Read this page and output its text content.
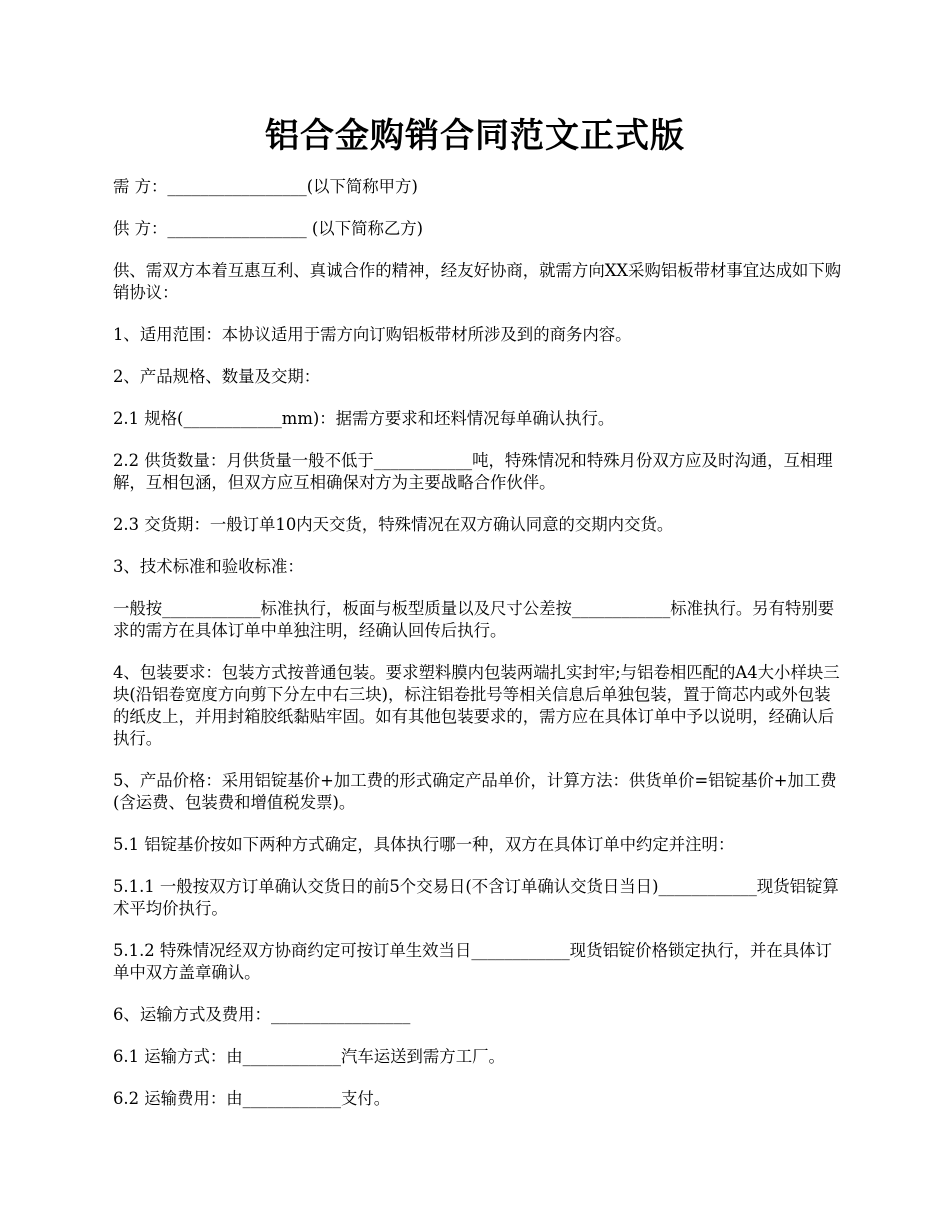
铝合金购销合同范文正式版

需 方：_________________(以下简称甲方)

供 方：_________________ (以下简称乙方)

供、需双方本着互惠互利、真诚合作的精神，经友好协商，就需方向XX采购铝板带材事宜达成如下购销协议：

1、适用范围：本协议适用于需方向订购铝板带材所涉及到的商务内容。

2、产品规格、数量及交期：

2.1 规格(____________mm)：据需方要求和坯料情况每单确认执行。

2.2 供货数量：月供货量一般不低于____________吨，特殊情况和特殊月份双方应及时沟通，互相理解，互相包涵，但双方应互相确保对方为主要战略合作伙伴。

2.3 交货期：一般订单10内天交货，特殊情况在双方确认同意的交期内交货。

3、技术标准和验收标准：

一般按____________标准执行，板面与板型质量以及尺寸公差按____________标准执行。另有特别要求的需方在具体订单中单独注明，经确认回传后执行。

4、包装要求：包装方式按普通包装。要求塑料膜内包装两端扎实封牢;与铝卷相匹配的A4大小样块三块(沿铝卷宽度方向剪下分左中右三块)，标注铝卷批号等相关信息后单独包装，置于筒芯内或外包装的纸皮上，并用封箱胶纸黏贴牢固。如有其他包装要求的，需方应在具体订单中予以说明，经确认后执行。

5、产品价格：采用铝锭基价+加工费的形式确定产品单价，计算方法：供货单价=铝锭基价+加工费(含运费、包装费和增值税发票)。

5.1 铝锭基价按如下两种方式确定，具体执行哪一种，双方在具体订单中约定并注明：

5.1.1 一般按双方订单确认交货日的前5个交易日(不含订单确认交货日当日)____________现货铝锭算术平均价执行。

5.1.2 特殊情况经双方协商约定可按订单生效当日____________现货铝锭价格锁定执行，并在具体订单中双方盖章确认。

6、运输方式及费用：_________________

6.1 运输方式：由____________汽车运送到需方工厂。

6.2 运输费用：由____________支付。
